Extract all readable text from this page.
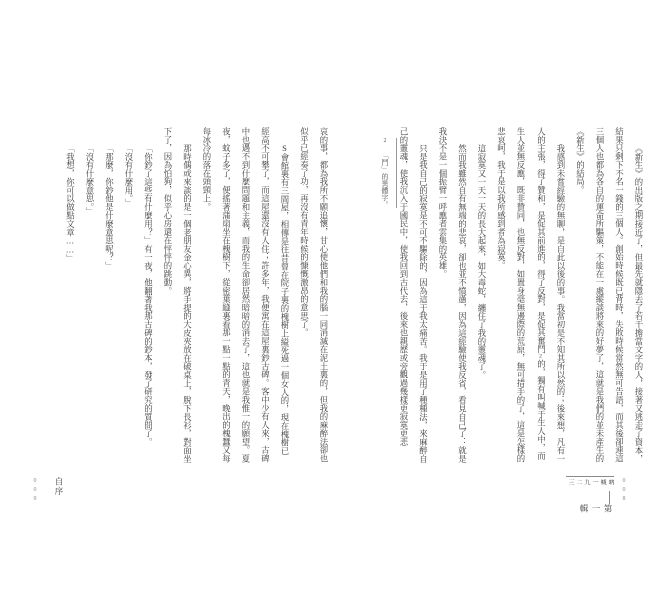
《新生》的出版之期接近了，但最先就隱去了若干擔當文字的人，接著又逃走了資本，結果只剩下不名一錢的三個人。創始時候既已背時，失敗時候當然無可告語，而其後卻連這三個人也都為各自的運命所驅策，不能在一處縱談將來的好夢了，這就是我們的並未產生的《新生》的結局。

我感到未嘗經驗的無聊，是自此以後的事。我當初是不知其所以然的；後來想，凡有一人的主張，得了贊和，是促其前進的，得了反對，是促其奮鬥2的，獨有叫喊于生人中，而生人並無反應，既非贊同，也無反對，如置身毫無邊際的荒原，無可措手的了，這是怎樣的悲哀呵，我于是以我所感到者為寂寞。

這寂寞又一天一天的長大起來，如大毒蛇，纏住了我的靈魂了。

然而我雖然自有無端的悲哀，卻也並不憤懣，因為這經驗使我反省，看見自己了：就是我決不是一個振臂一呼應者雲集的英雄。

只是我自己的寂寞是不可不驅除的，因為這于我太痛苦。我于是用了種種法，來麻醉自己的靈魂，使我沉入于國民中，使我回到古代去，後來也親歷或旁觀過幾樣更寂寞更悲

2 「鬥」的異體字。
第一輯
吶喊
一九二三	008

哀的事，都為我所不願追懷，甘心使他們和我的腦一同消滅在泥土裏的，但我的麻醉法卻也似乎已經奏了功，再沒有青年時候的慷慨激昂的意思了。

S會館裏有三間屋，相傳是往昔曾在院子裏的槐樹上縊死過一個女人的，現在槐樹已經高不可攀了，而這屋還沒有人住；許多年，我便寓在這屋裏鈔古碑。客中少有人來，古碑中也遇不到什麼問題和主義，而我的生命卻居然暗暗的消去了，這也就是我惟一的願望。夏夜，蚊子多了，便搖著蒲扇坐在槐樹下，從密葉縫裏看那一點一點的青天，晚出的槐蠶又每每冰冷的落在頭頸上。

那時偶或來談的是一個老朋友金心異，將手提的大皮夾放在破桌上，脫下長衫，對面坐下了，因為怕狗，似乎心房還在怦怦的跳動。

「你鈔了這些有什麼用？」有一夜，他翻著我那古碑的鈔本，發了研究的質問了。

「沒有什麼用。」

「那麼，你鈔他是什麼意思呢？」

「沒有什麼意思。」

「我想，你可以做點文章……」

自序
009
